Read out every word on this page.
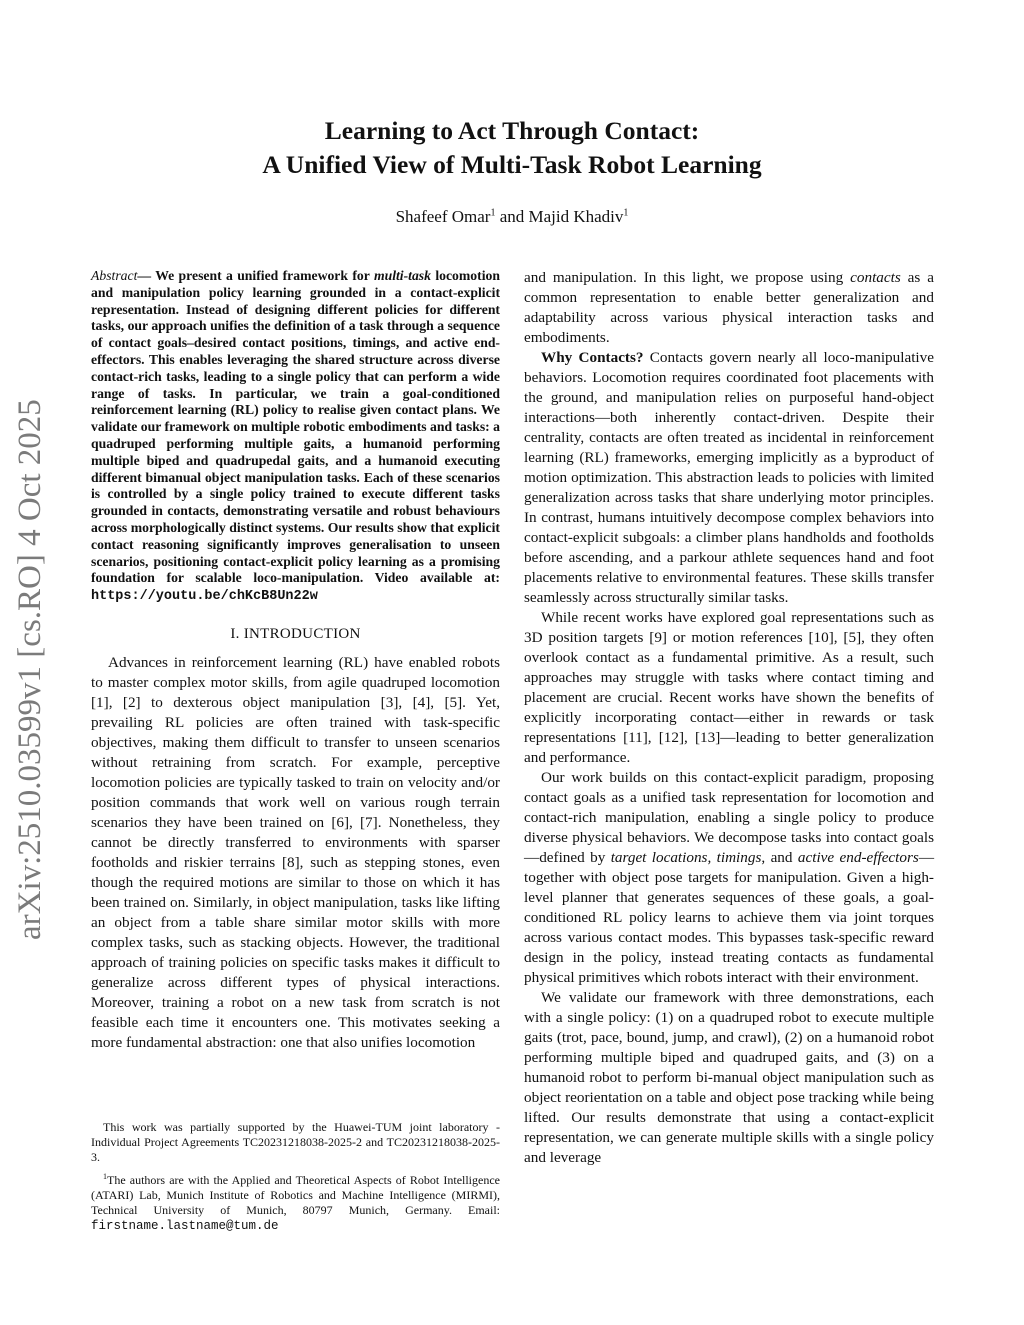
Learning to Act Through Contact:
A Unified View of Multi-Task Robot Learning
Shafeef Omar$^1$ and Majid Khadiv$^1$
arXiv:2510.03599v1 [cs.RO] 4 Oct 2025
Abstract— We present a unified framework for multi-task locomotion and manipulation policy learning grounded in a contact-explicit representation. Instead of designing different policies for different tasks, our approach unifies the definition of a task through a sequence of contact goals–desired contact positions, timings, and active end-effectors. This enables leveraging the shared structure across diverse contact-rich tasks, leading to a single policy that can perform a wide range of tasks. In particular, we train a goal-conditioned reinforcement learning (RL) policy to realise given contact plans. We validate our framework on multiple robotic embodiments and tasks: a quadruped performing multiple gaits, a humanoid performing multiple biped and quadrupedal gaits, and a humanoid executing different bimanual object manipulation tasks. Each of these scenarios is controlled by a single policy trained to execute different tasks grounded in contacts, demonstrating versatile and robust behaviours across morphologically distinct systems. Our results show that explicit contact reasoning significantly improves generalisation to unseen scenarios, positioning contact-explicit policy learning as a promising foundation for scalable loco-manipulation. Video available at: https://youtu.be/chKcB8Un22w
I. INTRODUCTION

Advances in reinforcement learning (RL) have enabled robots to master complex motor skills, from agile quadruped locomotion [1], [2] to dexterous object manipulation [3], [4], [5]. Yet, prevailing RL policies are often trained with task-specific objectives, making them difficult to transfer to unseen scenarios without retraining from scratch. For example, perceptive locomotion policies are typically tasked to train on velocity and/or position commands that work well on various rough terrain scenarios they have been trained on [6], [7]. Nonetheless, they cannot be directly transferred to environments with sparser footholds and riskier terrains [8], such as stepping stones, even though the required motions are similar to those on which it has been trained on. Similarly, in object manipulation, tasks like lifting an object from a table share similar motor skills with more complex tasks, such as stacking objects. However, the traditional approach of training policies on specific tasks makes it difficult to generalize across different types of physical interactions. Moreover, training a robot on a new task from scratch is not feasible each time it encounters one. This motivates seeking a more fundamental abstraction: one that also unifies locomotion

This work was partially supported by the Huawei-TUM joint laboratory - Individual Project Agreements TC20231218038-2025-2 and TC20231218038-2025-3.

$^1$The authors are with the Applied and Theoretical Aspects of Robot Intelligence (ATARI) Lab, Munich Institute of Robotics and Machine Intelligence (MIRMI), Technical University of Munich, 80797 Munich, Germany. Email: firstname.lastname@tum.de

and manipulation. In this light, we propose using contacts as a common representation to enable better generalization and adaptability across various physical interaction tasks and embodiments.

Why Contacts? Contacts govern nearly all loco-manipulative behaviors. Locomotion requires coordinated foot placements with the ground, and manipulation relies on purposeful hand-object interactions—both inherently contact-driven. Despite their centrality, contacts are often treated as incidental in reinforcement learning (RL) frameworks, emerging implicitly as a byproduct of motion optimization. This abstraction leads to policies with limited generalization across tasks that share underlying motor principles. In contrast, humans intuitively decompose complex behaviors into contact-explicit subgoals: a climber plans handholds and footholds before ascending, and a parkour athlete sequences hand and foot placements relative to environmental features. These skills transfer seamlessly across structurally similar tasks.

While recent works have explored goal representations such as 3D position targets [9] or motion references [10], [5], they often overlook contact as a fundamental primitive. As a result, such approaches may struggle with tasks where contact timing and placement are crucial. Recent works have shown the benefits of explicitly incorporating contact—either in rewards or task representations [11], [12], [13]—leading to better generalization and performance.

Our work builds on this contact-explicit paradigm, proposing contact goals as a unified task representation for locomotion and contact-rich manipulation, enabling a single policy to produce diverse physical behaviors. We decompose tasks into contact goals—defined by target locations, timings, and active end-effectors—together with object pose targets for manipulation. Given a high-level planner that generates sequences of these goals, a goal-conditioned RL policy learns to achieve them via joint torques across various contact modes. This bypasses task-specific reward design in the policy, instead treating contacts as fundamental physical primitives which robots interact with their environment.

We validate our framework with three demonstrations, each with a single policy: (1) on a quadruped robot to execute multiple gaits (trot, pace, bound, jump, and crawl), (2) on a humanoid robot performing multiple biped and quadruped gaits, and (3) on a humanoid robot to perform bi-manual object manipulation such as object reorientation on a table and object pose tracking while being lifted. Our results demonstrate that using a contact-explicit representation, we can generate multiple skills with a single policy and leverage
